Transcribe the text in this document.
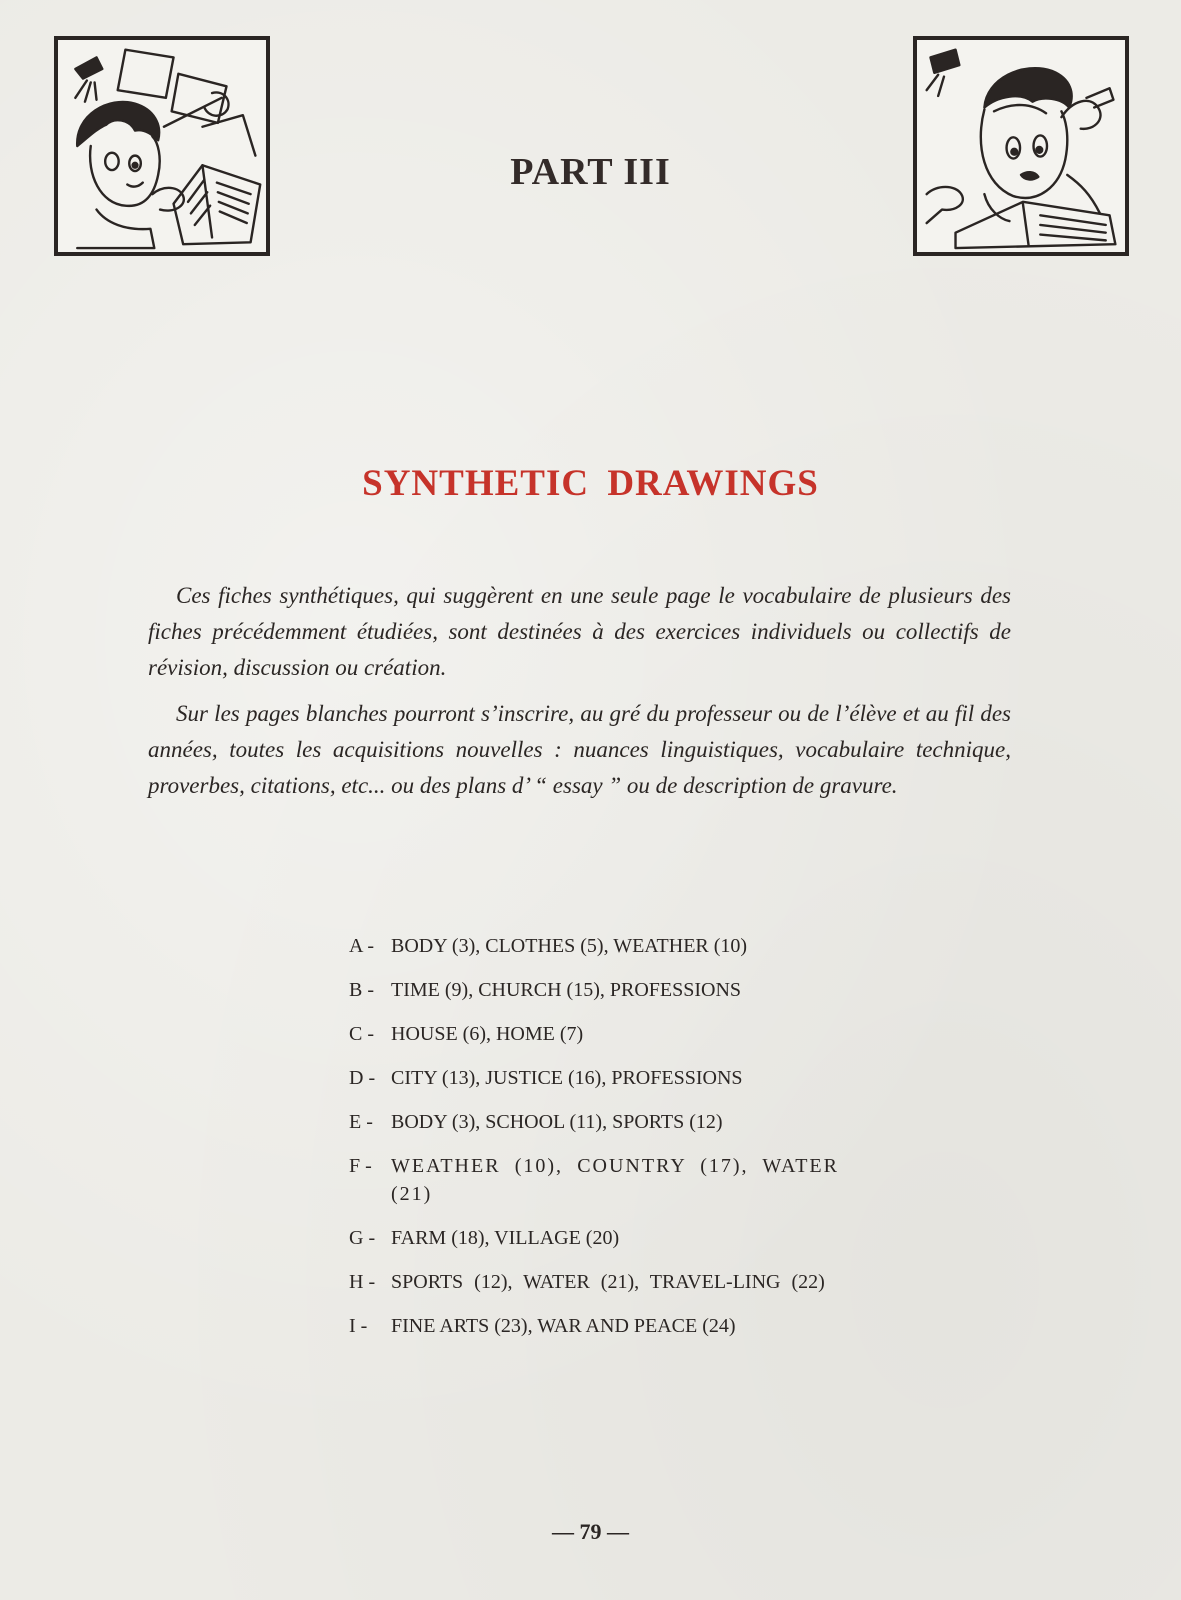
PART III
SYNTHETIC DRAWINGS

Ces fiches synthétiques, qui suggèrent en une seule page le vocabulaire de plusieurs des fiches précédemment étudiées, sont destinées à des exercices individuels ou collectifs de révision, discussion ou création.

Sur les pages blanches pourront s’inscrire, au gré du professeur ou de l’élève et au fil des années, toutes les acquisitions nouvelles : nuances linguistiques, vocabulaire technique, proverbes, citations, etc... ou des plans d’ “ essay ” ou de description de gravure.

A - BODY (3), CLOTHES (5), WEATHER (10)
B - TIME (9), CHURCH (15), PROFESSIONS
C - HOUSE (6), HOME (7)
D - CITY (13), JUSTICE (16), PROFESSIONS
E - BODY (3), SCHOOL (11), SPORTS (12)
F - WEATHER (10), COUNTRY (17), WATER (21)
G - FARM (18), VILLAGE (20)
H - SPORTS (12), WATER (21), TRAVEL-LING (22)
I -	FINE ARTS (23), WAR AND PEACE (24)
— 79 —
